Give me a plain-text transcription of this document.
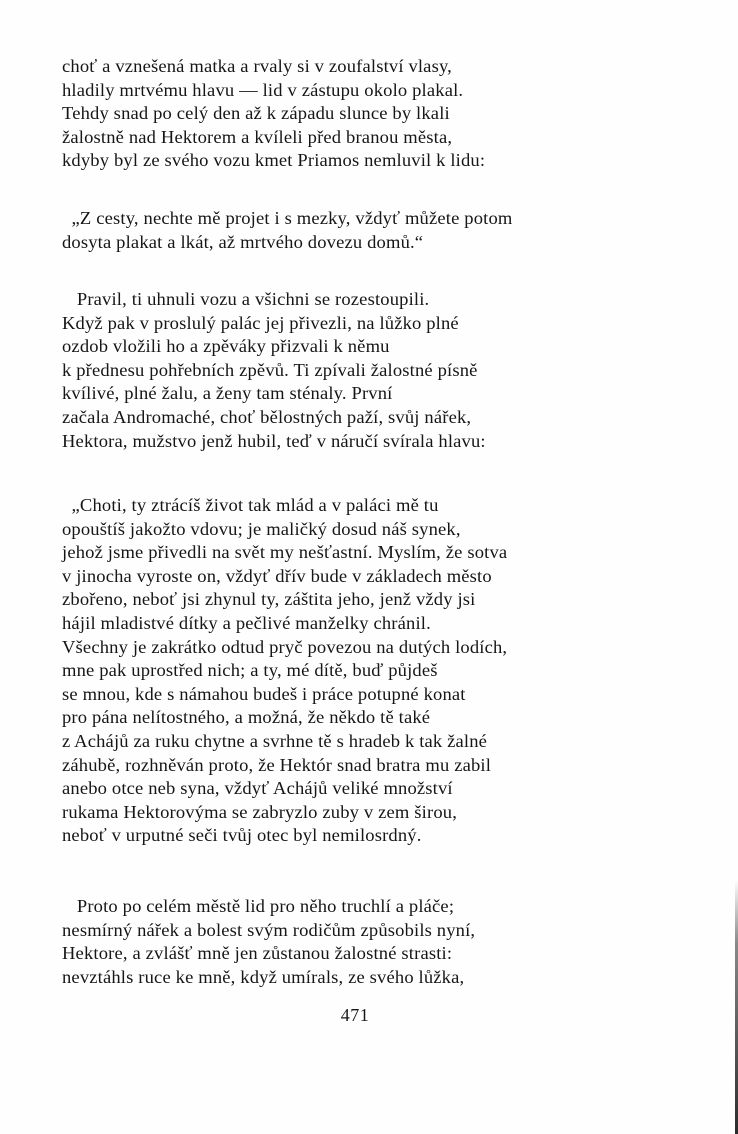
choť a vznešená matka a rvaly si v zoufalství vlasy,
hladily mrtvému hlavu — lid v zástupu okolo plakal.
Tehdy snad po celý den až k západu slunce by lkali
žalostně nad Hektorem a kvíleli před branou města,
kdyby byl ze svého vozu kmet Priamos nemluvil k lidu:
„Z cesty, nechte mě projet i s mezky, vždyť můžete potom
dosyta plakat a lkát, až mrtvého dovezu domů.“
Pravil, ti uhnuli vozu a všichni se rozestoupili.
Když pak v proslulý palác jej přivezli, na lůžko plné
ozdob vložili ho a zpěváky přizvali k němu
k přednesu pohřebních zpěvů. Ti zpívali žalostné písně
kvílivé, plné žalu, a ženy tam sténaly. První
začala Andromaché, choť bělostných paží, svůj nářek,
Hektora, mužstvo jenž hubil, teď v náručí svírala hlavu:
„Choti, ty ztrácíš život tak mlád a v paláci mě tu
opouštíš jakožto vdovu; je maličký dosud náš synek,
jehož jsme přivedli na svět my nešťastní. Myslím, že sotva
v jinocha vyroste on, vždyť dřív bude v základech město
zbořeno, neboť jsi zhynul ty, záštita jeho, jenž vždy jsi
hájil mladistvé dítky a pečlivé manželky chránil.
Všechny je zakrátko odtud pryč povezou na dutých lodích,
mne pak uprostřed nich; a ty, mé dítě, buď půjdeš
se mnou, kde s námahou budeš i práce potupné konat
pro pána nelítostného, a možná, že někdo tě také
z Achájů za ruku chytne a svrhne tě s hradeb k tak žalné
záhubě, rozhněván proto, že Hektór snad bratra mu zabil
anebo otce neb syna, vždyť Achájů veliké množství
rukama Hektorovýma se zabryzlo zuby v zem širou,
neboť v urputné seči tvůj otec byl nemilosrdný.
Proto po celém městě lid pro něho truchlí a pláče;
nesmírný nářek a bolest svým rodičům způsobils nyní,
Hektore, a zvlášť mně jen zůstanou žalostné strasti:
nevztáhls ruce ke mně, když umírals, ze svého lůžka,
471
